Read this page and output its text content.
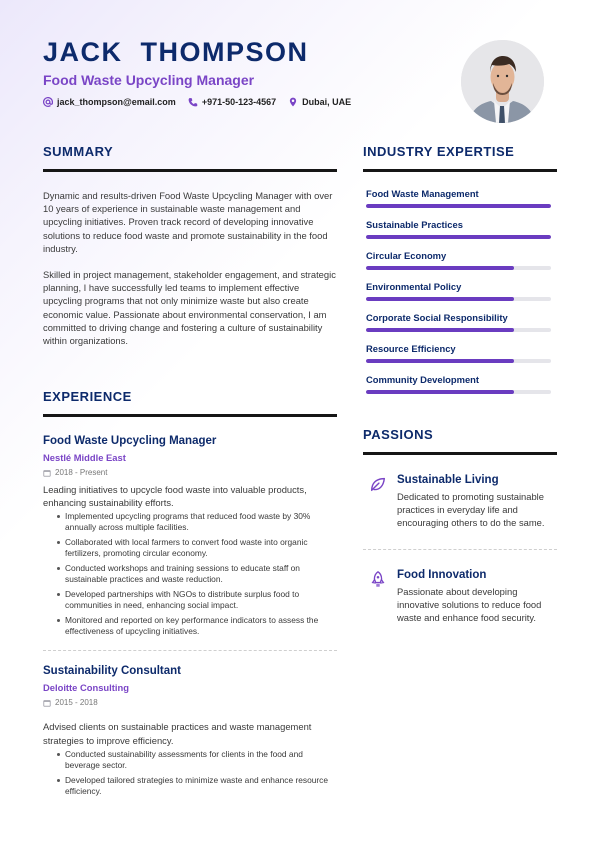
JACK  THOMPSON
Food Waste Upcycling Manager
jack_thompson@email.com	+971-50-123-4567	Dubai, UAE
SUMMARY
Dynamic and results-driven Food Waste Upcycling Manager with over 10 years of experience in sustainable waste management and upcycling initiatives. Proven track record of developing innovative solutions to reduce food waste and promote sustainability in the food industry.
Skilled in project management, stakeholder engagement, and strategic planning, I have successfully led teams to implement effective upcycling programs that not only minimize waste but also create economic value. Passionate about environmental conservation, I am committed to driving change and fostering a culture of sustainability within organizations.
INDUSTRY EXPERTISE
Food Waste Management
Sustainable Practices
Circular Economy
Environmental Policy
Corporate Social Responsibility
Resource Efficiency
Community Development
EXPERIENCE
Food Waste Upcycling Manager
Nestlé Middle East
2018 - Present
Leading initiatives to upcycle food waste into valuable products, enhancing sustainability efforts.
Implemented upcycling programs that reduced food waste by 30% annually across multiple facilities.
Collaborated with local farmers to convert food waste into organic fertilizers, promoting circular economy.
Conducted workshops and training sessions to educate staff on sustainable practices and waste reduction.
Developed partnerships with NGOs to distribute surplus food to communities in need, enhancing social impact.
Monitored and reported on key performance indicators to assess the effectiveness of upcycling initiatives.
Sustainability Consultant
Deloitte Consulting
2015 - 2018
Advised clients on sustainable practices and waste management strategies to improve efficiency.
Conducted sustainability assessments for clients in the food and beverage sector.
Developed tailored strategies to minimize waste and enhance resource efficiency.
PASSIONS
Sustainable Living
Dedicated to promoting sustainable practices in everyday life and encouraging others to do the same.
Food Innovation
Passionate about developing innovative solutions to reduce food waste and enhance food security.
